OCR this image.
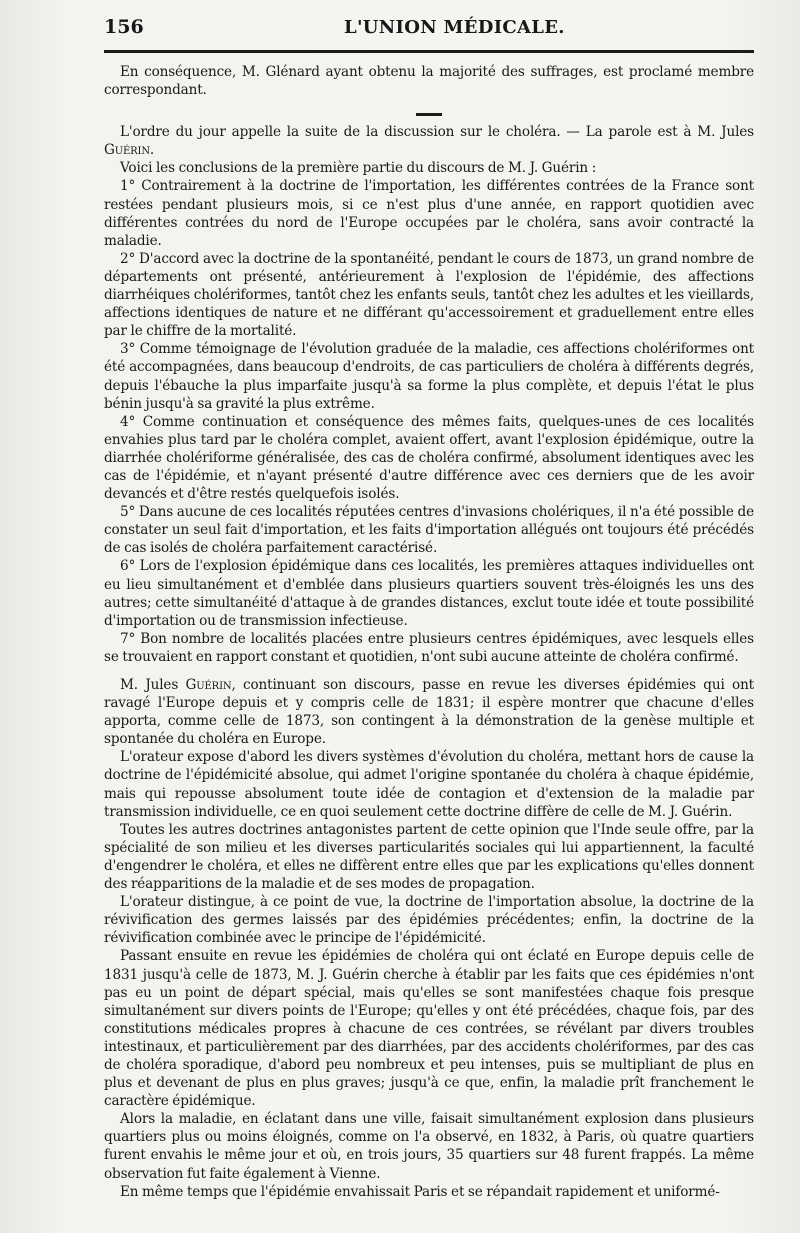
156	L'UNION MÉDICALE.

En conséquence, M. Glénard ayant obtenu la majorité des suffrages, est proclamé membre correspondant.

L'ordre du jour appelle la suite de la discussion sur le choléra. — La parole est à M. Jules Guérin.

Voici les conclusions de la première partie du discours de M. J. Guérin :

1° Contrairement à la doctrine de l'importation, les différentes contrées de la France sont restées pendant plusieurs mois, si ce n'est plus d'une année, en rapport quotidien avec différentes contrées du nord de l'Europe occupées par le choléra, sans avoir contracté la maladie.

2° D'accord avec la doctrine de la spontanéité, pendant le cours de 1873, un grand nombre de départements ont présenté, antérieurement à l'explosion de l'épidémie, des affections diarrhéiques cholériformes, tantôt chez les enfants seuls, tantôt chez les adultes et les vieillards, affections identiques de nature et ne différant qu'accessoirement et graduellement entre elles par le chiffre de la mortalité.

3° Comme témoignage de l'évolution graduée de la maladie, ces affections cholériformes ont été accompagnées, dans beaucoup d'endroits, de cas particuliers de choléra à différents degrés, depuis l'ébauche la plus imparfaite jusqu'à sa forme la plus complète, et depuis l'état le plus bénin jusqu'à sa gravité la plus extrême.

4° Comme continuation et conséquence des mêmes faits, quelques-unes de ces localités envahies plus tard par le choléra complet, avaient offert, avant l'explosion épidémique, outre la diarrhée cholériforme généralisée, des cas de choléra confirmé, absolument identiques avec les cas de l'épidémie, et n'ayant présenté d'autre différence avec ces derniers que de les avoir devancés et d'être restés quelquefois isolés.

5° Dans aucune de ces localités réputées centres d'invasions cholériques, il n'a été possible de constater un seul fait d'importation, et les faits d'importation allégués ont toujours été précédés de cas isolés de choléra parfaitement caractérisé.

6° Lors de l'explosion épidémique dans ces localités, les premières attaques individuelles ont eu lieu simultanément et d'emblée dans plusieurs quartiers souvent très-éloignés les uns des autres; cette simultanéité d'attaque à de grandes distances, exclut toute idée et toute possibilité d'importation ou de transmission infectieuse.

7° Bon nombre de localités placées entre plusieurs centres épidémiques, avec lesquels elles se trouvaient en rapport constant et quotidien, n'ont subi aucune atteinte de choléra confirmé.

M. Jules Guérin, continuant son discours, passe en revue les diverses épidémies qui ont ravagé l'Europe depuis et y compris celle de 1831; il espère montrer que chacune d'elles apporta, comme celle de 1873, son contingent à la démonstration de la genèse multiple et spontanée du choléra en Europe.

L'orateur expose d'abord les divers systèmes d'évolution du choléra, mettant hors de cause la doctrine de l'épidémicité absolue, qui admet l'origine spontanée du choléra à chaque épidémie, mais qui repousse absolument toute idée de contagion et d'extension de la maladie par transmission individuelle, ce en quoi seulement cette doctrine diffère de celle de M. J. Guérin.

Toutes les autres doctrines antagonistes partent de cette opinion que l'Inde seule offre, par la spécialité de son milieu et les diverses particularités sociales qui lui appartiennent, la faculté d'engendrer le choléra, et elles ne diffèrent entre elles que par les explications qu'elles donnent des réapparitions de la maladie et de ses modes de propagation.

L'orateur distingue, à ce point de vue, la doctrine de l'importation absolue, la doctrine de la révivification des germes laissés par des épidémies précédentes; enfin, la doctrine de la révivification combinée avec le principe de l'épidémicité.

Passant ensuite en revue les épidémies de choléra qui ont éclaté en Europe depuis celle de 1831 jusqu'à celle de 1873, M. J. Guérin cherche à établir par les faits que ces épidémies n'ont pas eu un point de départ spécial, mais qu'elles se sont manifestées chaque fois presque simultanément sur divers points de l'Europe; qu'elles y ont été précédées, chaque fois, par des constitutions médicales propres à chacune de ces contrées, se révélant par divers troubles intestinaux, et particulièrement par des diarrhées, par des accidents cholériformes, par des cas de choléra sporadique, d'abord peu nombreux et peu intenses, puis se multipliant de plus en plus et devenant de plus en plus graves; jusqu'à ce que, enfin, la maladie prît franchement le caractère épidémique.

Alors la maladie, en éclatant dans une ville, faisait simultanément explosion dans plusieurs quartiers plus ou moins éloignés, comme on l'a observé, en 1832, à Paris, où quatre quartiers furent envahis le même jour et où, en trois jours, 35 quartiers sur 48 furent frappés. La même observation fut faite également à Vienne.

En même temps que l'épidémie envahissait Paris et se répandait rapidement et uniformé-
